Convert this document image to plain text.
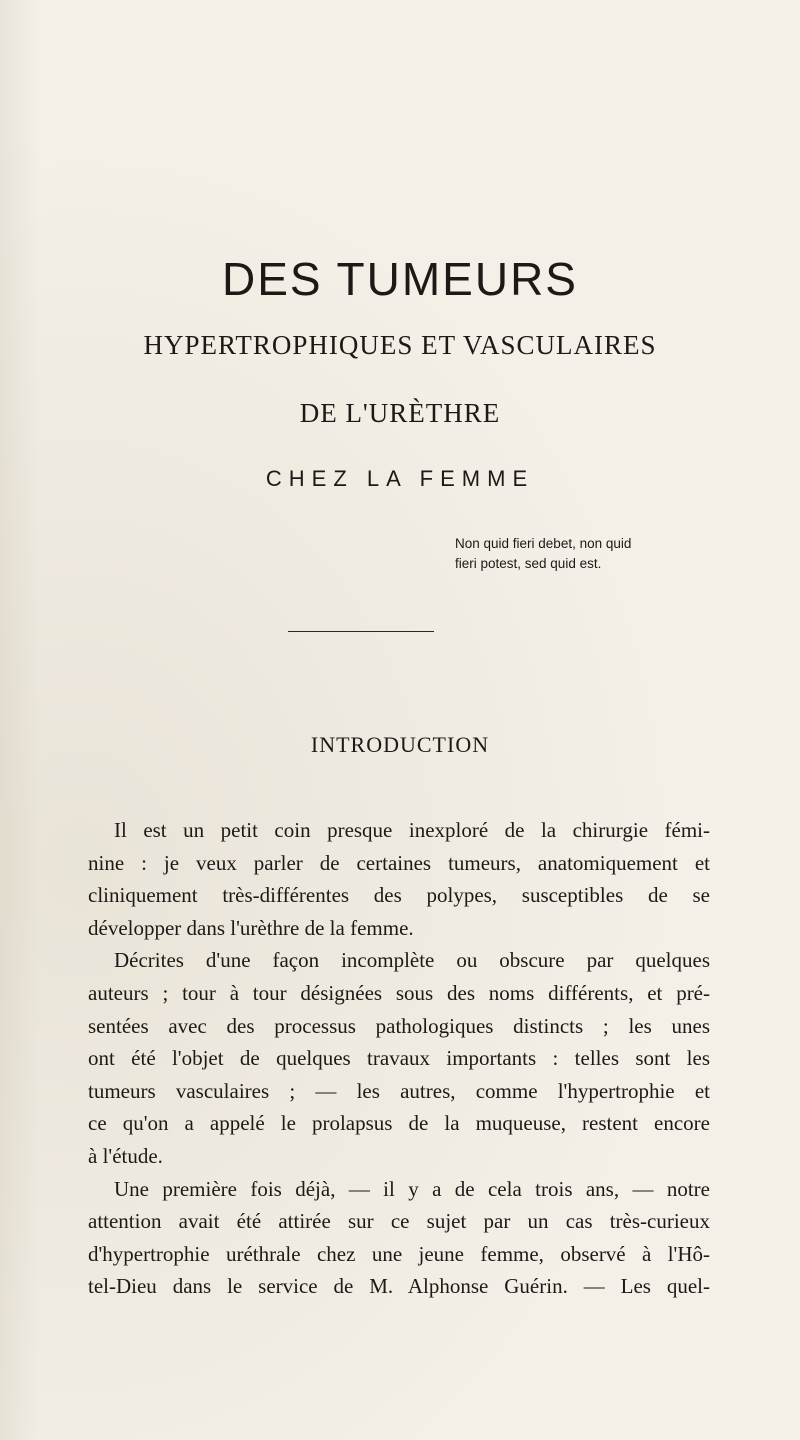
DES TUMEURS
HYPERTROPHIQUES ET VASCULAIRES
DE L'URÈTHRE
CHEZ LA FEMME
Non quid fieri debet, non quid
fieri potest, sed quid est.
INTRODUCTION
Il est un petit coin presque inexploré de la chirurgie fémi-
nine : je veux parler de certaines tumeurs, anatomiquement et
cliniquement très-différentes des polypes, susceptibles de se
développer dans l'urèthre de la femme.
Décrites d'une façon incomplète ou obscure par quelques
auteurs ; tour à tour désignées sous des noms différents, et pré-
sentées avec des processus pathologiques distincts ; les unes
ont été l'objet de quelques travaux importants : telles sont les
tumeurs vasculaires ; — les autres, comme l'hypertrophie et
ce qu'on a appelé le prolapsus de la muqueuse, restent encore
à l'étude.
Une première fois déjà, — il y a de cela trois ans, — notre
attention avait été attirée sur ce sujet par un cas très-curieux
d'hypertrophie uréthrale chez une jeune femme, observé à l'Hô-
tel-Dieu dans le service de M. Alphonse Guérin. — Les quel-
